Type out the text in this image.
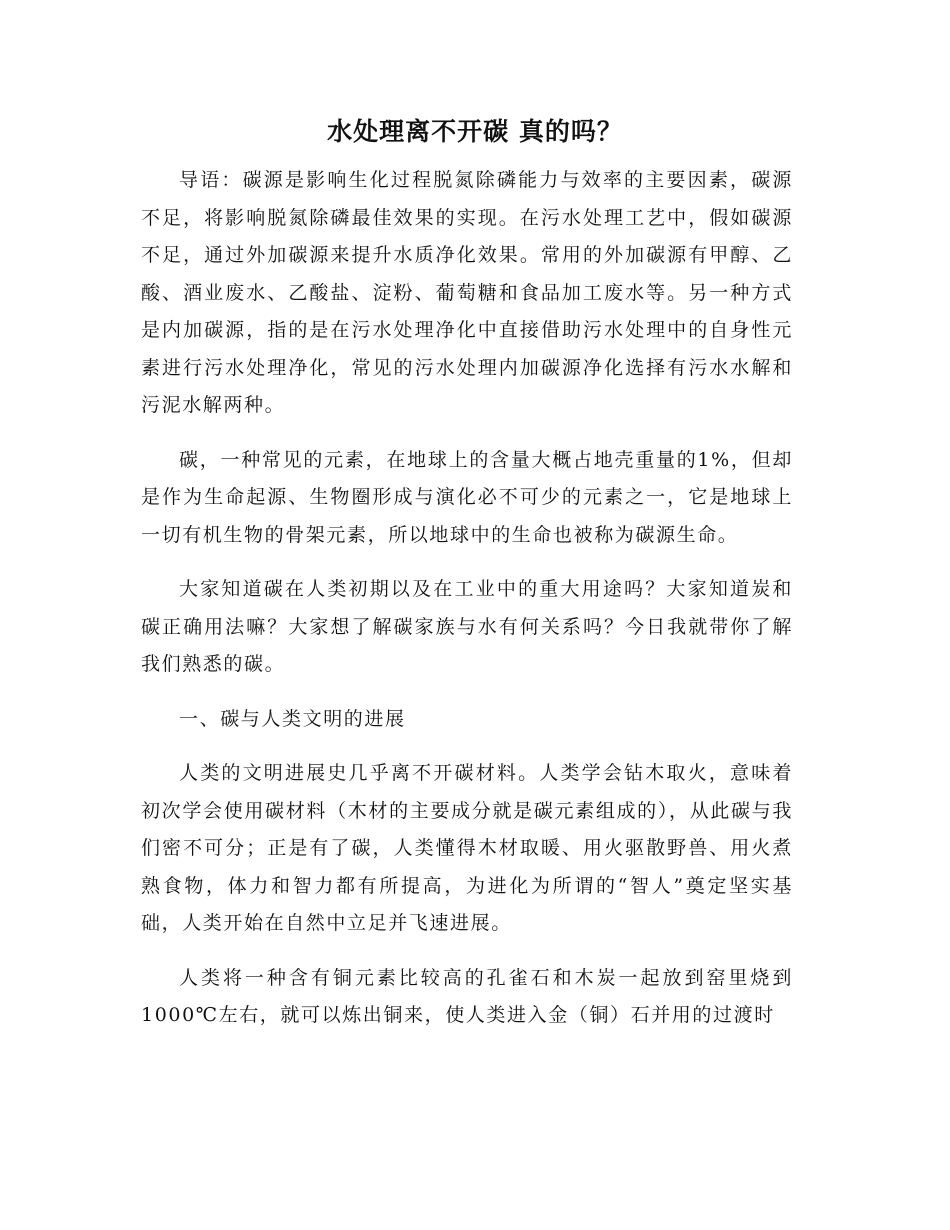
水处理离不开碳 真的吗？

导语：碳源是影响生化过程脱氮除磷能力与效率的主要因素，碳源不足，将影响脱氮除磷最佳效果的实现。在污水处理工艺中，假如碳源不足，通过外加碳源来提升水质净化效果。常用的外加碳源有甲醇、乙酸、酒业废水、乙酸盐、淀粉、葡萄糖和食品加工废水等。另一种方式是内加碳源，指的是在污水处理净化中直接借助污水处理中的自身性元素进行污水处理净化，常见的污水处理内加碳源净化选择有污水水解和污泥水解两种。

碳，一种常见的元素，在地球上的含量大概占地壳重量的1%，但却是作为生命起源、生物圈形成与演化必不可少的元素之一，它是地球上一切有机生物的骨架元素，所以地球中的生命也被称为碳源生命。

大家知道碳在人类初期以及在工业中的重大用途吗？大家知道炭和碳正确用法嘛？大家想了解碳家族与水有何关系吗？今日我就带你了解我们熟悉的碳。

一、碳与人类文明的进展

人类的文明进展史几乎离不开碳材料。人类学会钻木取火，意味着初次学会使用碳材料（木材的主要成分就是碳元素组成的），从此碳与我们密不可分；正是有了碳，人类懂得木材取暖、用火驱散野兽、用火煮熟食物，体力和智力都有所提高，为进化为所谓的“智人”奠定坚实基础，人类开始在自然中立足并飞速进展。

人类将一种含有铜元素比较高的孔雀石和木炭一起放到窑里烧到1000℃左右，就可以炼出铜来，使人类进入金（铜）石并用的过渡时
